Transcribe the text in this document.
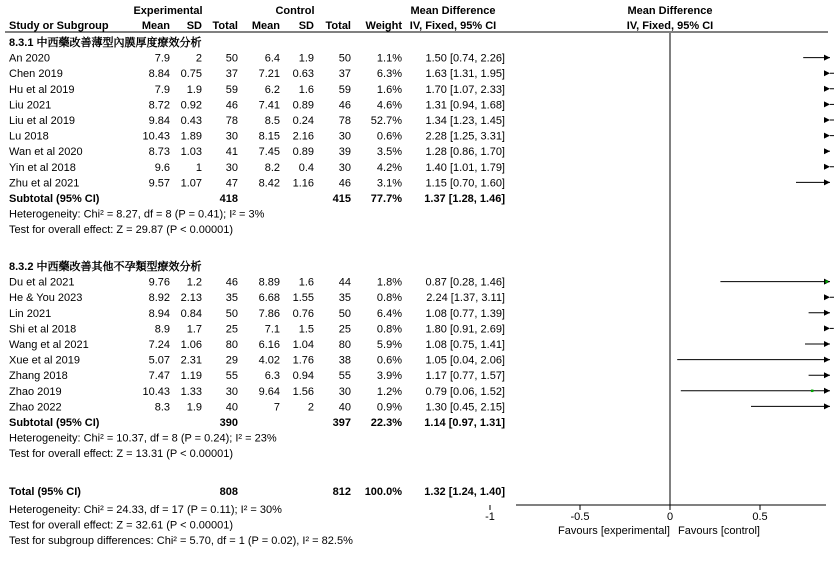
Experimental	Control	Mean Difference	Mean Difference
Study or Subgroup	Mean SD Total Mean SD Total Weight IV, Fixed, 95% CI	IV, Fixed, 95% CI
8.3.1 中西藥改善薄型內膜厚度療效分析
An 2020	7.9 2 50 6.4 1.9 50 1.1% 1.50 [0.74, 2.26]
Chen 2019	8.84 0.75 37 7.21 0.63 37 6.3% 1.63 [1.31, 1.95]
Hu et al 2019	7.9 1.9 59 6.2 1.6 59 1.6% 1.70 [1.07, 2.33]
Liu 2021	8.72 0.92 46 7.41 0.89 46 4.6% 1.31 [0.94, 1.68]
Liu et al 2019	9.84 0.43 78 8.5 0.24 78 52.7% 1.34 [1.23, 1.45]
Lu 2018	10.43 1.89 30 8.15 2.16 30 0.6% 2.28 [1.25, 3.31]
Wan et al 2020	8.73 1.03 41 7.45 0.89 39 3.5% 1.28 [0.86, 1.70]
Yin et al 2018	9.6 1 30 8.2 0.4 30 4.2% 1.40 [1.01, 1.79]
Zhu et al 2021	9.57 1.07 47 8.42 1.16 46 3.1% 1.15 [0.70, 1.60]
Subtotal (95% CI)	418	415 77.7% 1.37 [1.28, 1.46]
Heterogeneity: Chi² = 8.27, df = 8 (P = 0.41); I² = 3%
Test for overall effect: Z = 29.87 (P < 0.00001)
8.3.2 中西藥改善其他不孕類型療效分析
Du et al 2021	9.76 1.2 46 8.89 1.6 44 1.8% 0.87 [0.28, 1.46]
He & You 2023	8.92 2.13 35 6.68 1.55 35 0.8% 2.24 [1.37, 3.11]
Lin 2021	8.94 0.84 50 7.86 0.76 50 6.4% 1.08 [0.77, 1.39]
Shi et al 2018	8.9 1.7 25 7.1 1.5 25 0.8% 1.80 [0.91, 2.69]
Wang et al 2021	7.24 1.06 80 6.16 1.04 80 5.9% 1.08 [0.75, 1.41]
Xue et al 2019	5.07 2.31 29 4.02 1.76 38 0.6% 1.05 [0.04, 2.06]
Zhang 2018	7.47 1.19 55 6.3 0.94 55 3.9% 1.17 [0.77, 1.57]
Zhao 2019	10.43 1.33 30 9.64 1.56 30 1.2% 0.79 [0.06, 1.52]
Zhao 2022	8.3 1.9 40	7	2 40 0.9% 1.30 [0.45, 2.15]
Subtotal (95% CI)	390	397 22.3% 1.14 [0.97, 1.31]
Heterogeneity: Chi² = 10.37, df = 8 (P = 0.24); I² = 23%
Test for overall effect: Z = 13.31 (P < 0.00001)
Total (95% CI)	808	812 100.0% 1.32 [1.24, 1.40]
Heterogeneity: Chi² = 24.33, df = 17 (P = 0.11); I² = 30%
Test for overall effect: Z = 32.61 (P < 0.00001)
Test for subgroup differences: Chi² = 5.70, df = 1 (P = 0.02), I² = 82.5%
-1	-0.5	0	0.5
Favours [experimental] Favours [control]
